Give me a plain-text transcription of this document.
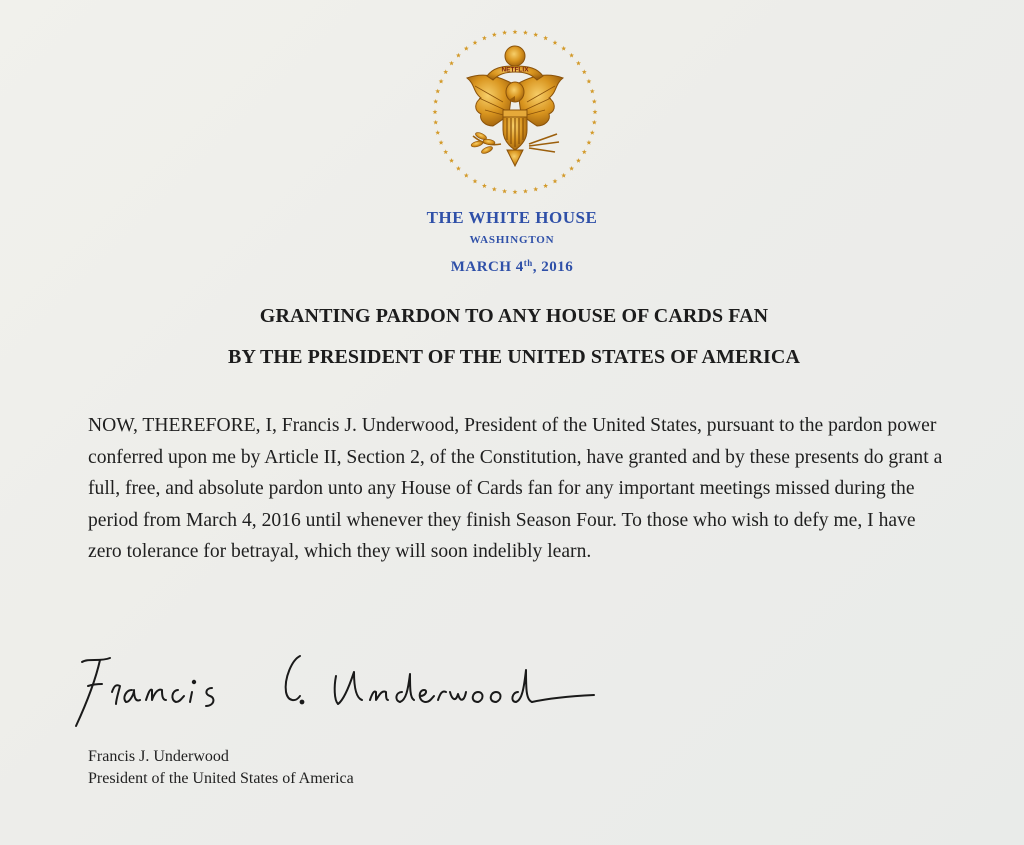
NETFLIX

THE WHITE HOUSE

WASHINGTON

MARCH 4th, 2016

GRANTING PARDON TO ANY HOUSE OF CARDS FAN
BY THE PRESIDENT OF THE UNITED STATES OF AMERICA

NOW, THEREFORE, I, Francis J. Underwood, President of the United States, pursuant to the pardon power conferred upon me by Article II, Section 2, of the Constitution, have granted and by these presents do grant a full, free, and absolute pardon unto any House of Cards fan for any important meetings missed during the period from March 4, 2016 until whenever they finish Season Four. To those who wish to defy me, I have zero tolerance for betrayal, which they will soon indelibly learn.

Francis J. Underwood

President of the United States of America
